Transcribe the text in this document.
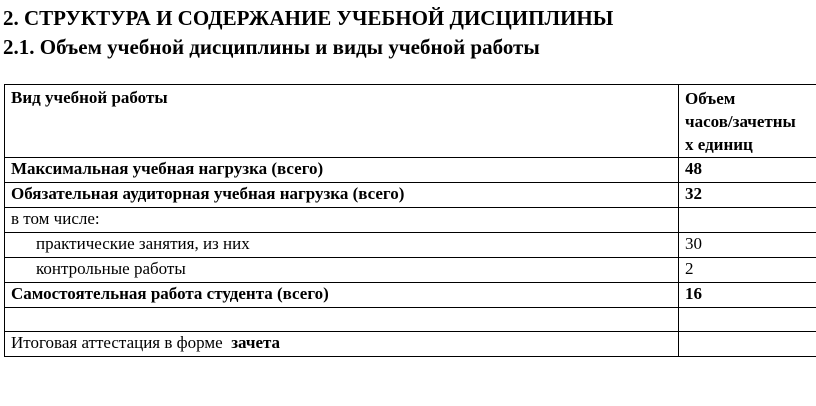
2. СТРУКТУРА И СОДЕРЖАНИЕ УЧЕБНОЙ ДИСЦИПЛИНЫ
2.1. Объем учебной дисциплины и виды учебной работы
Вид учебной работы	Объем
часов/зачетны
х единиц

Максимальная учебная нагрузка (всего)	48
Обязательная аудиторная учебная нагрузка (всего)	32
в том числе:	
практические занятия, из них	30
контрольные работы	2
Самостоятельная работа студента (всего)	16

Итоговая аттестация в форме зачета	
